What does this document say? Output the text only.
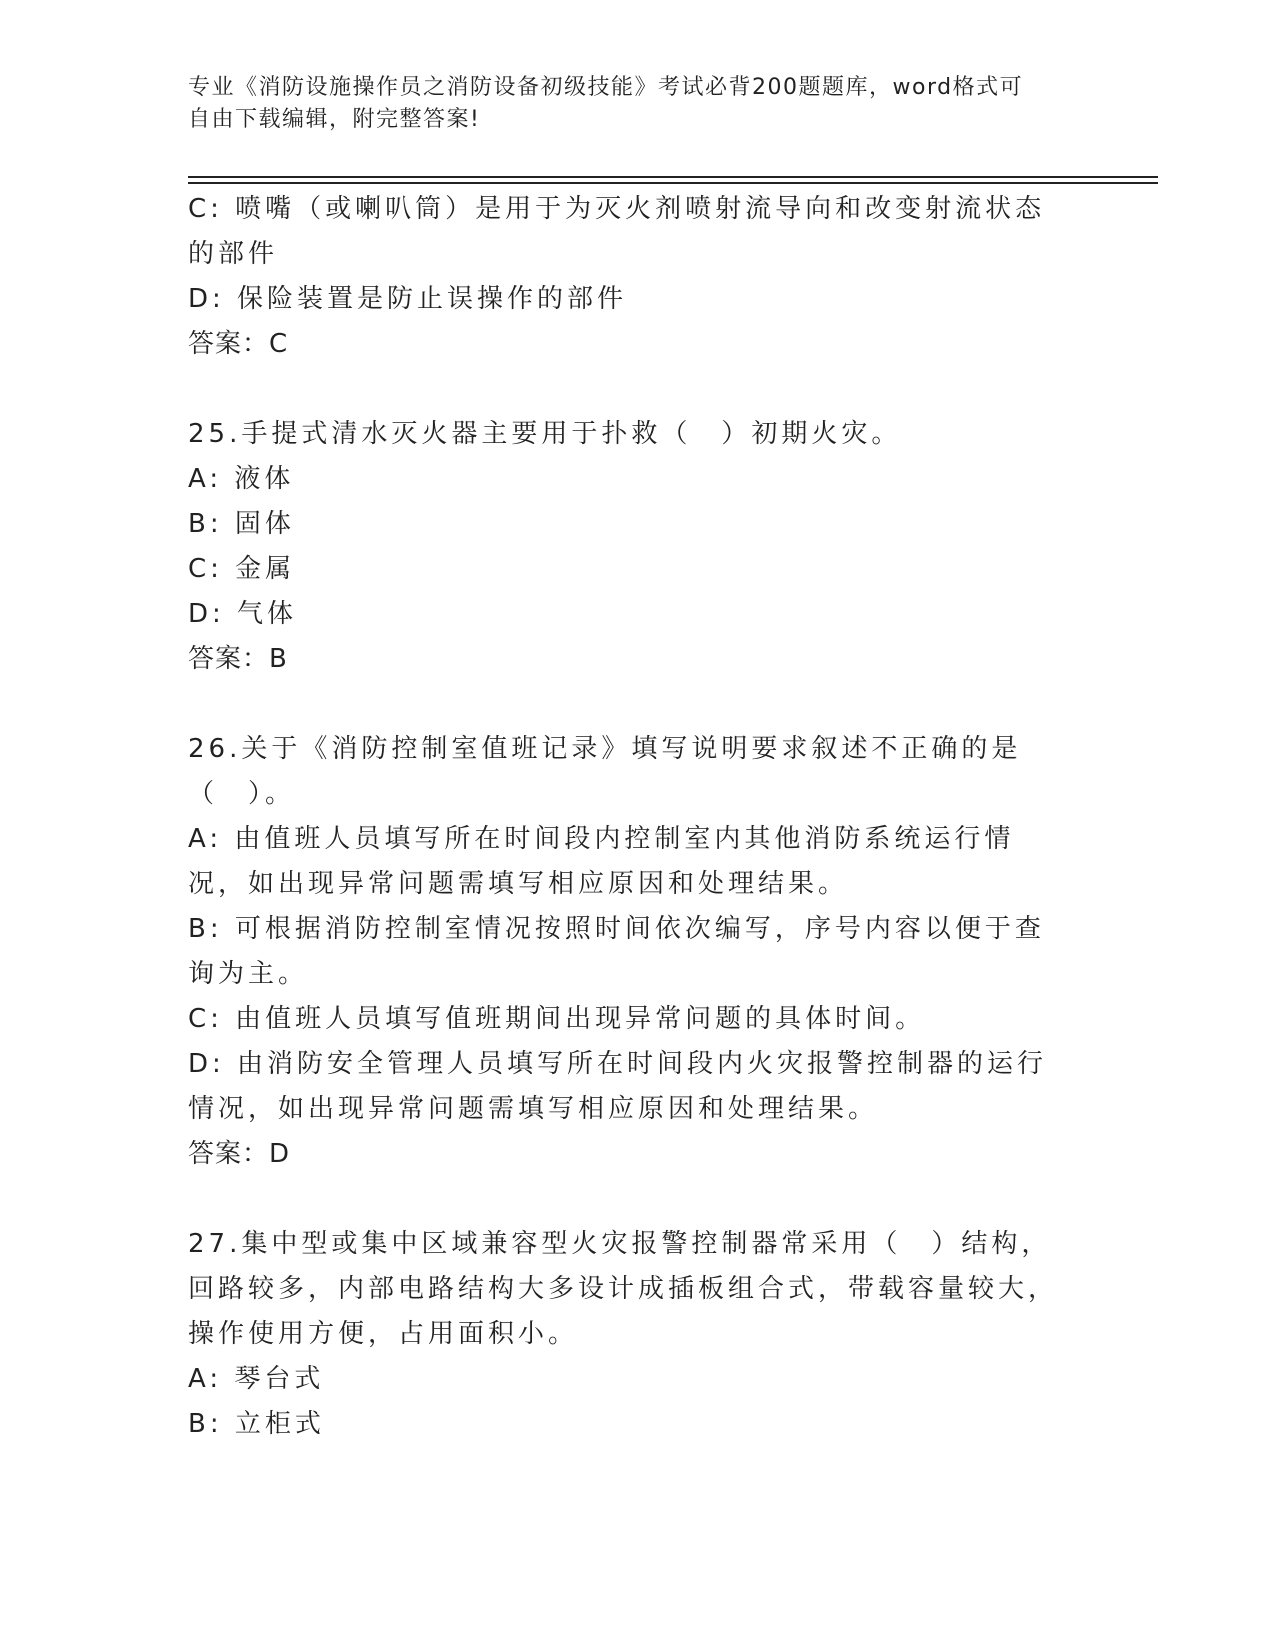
专业《消防设施操作员之消防设备初级技能》考试必背200题题库，word格式可
自由下载编辑，附完整答案!

C: 喷嘴（或喇叭筒）是用于为灭火剂喷射流导向和改变射流状态的部件

D: 保险装置是防止误操作的部件

答案：C

25.手提式清水灭火器主要用于扑救（　）初期火灾。

A: 液体

B: 固体

C: 金属

D: 气体

答案：B

26.关于《消防控制室值班记录》填写说明要求叙述不正确的是（　）。

A: 由值班人员填写所在时间段内控制室内其他消防系统运行情况，如出现异常问题需填写相应原因和处理结果。

B: 可根据消防控制室情况按照时间依次编写，序号内容以便于查询为主。

C: 由值班人员填写值班期间出现异常问题的具体时间。

D: 由消防安全管理人员填写所在时间段内火灾报警控制器的运行情况，如出现异常问题需填写相应原因和处理结果。

答案：D

27.集中型或集中区域兼容型火灾报警控制器常采用（　）结构，回路较多，内部电路结构大多设计成插板组合式，带载容量较大，操作使用方便，占用面积小。

A: 琴台式

B: 立柜式
